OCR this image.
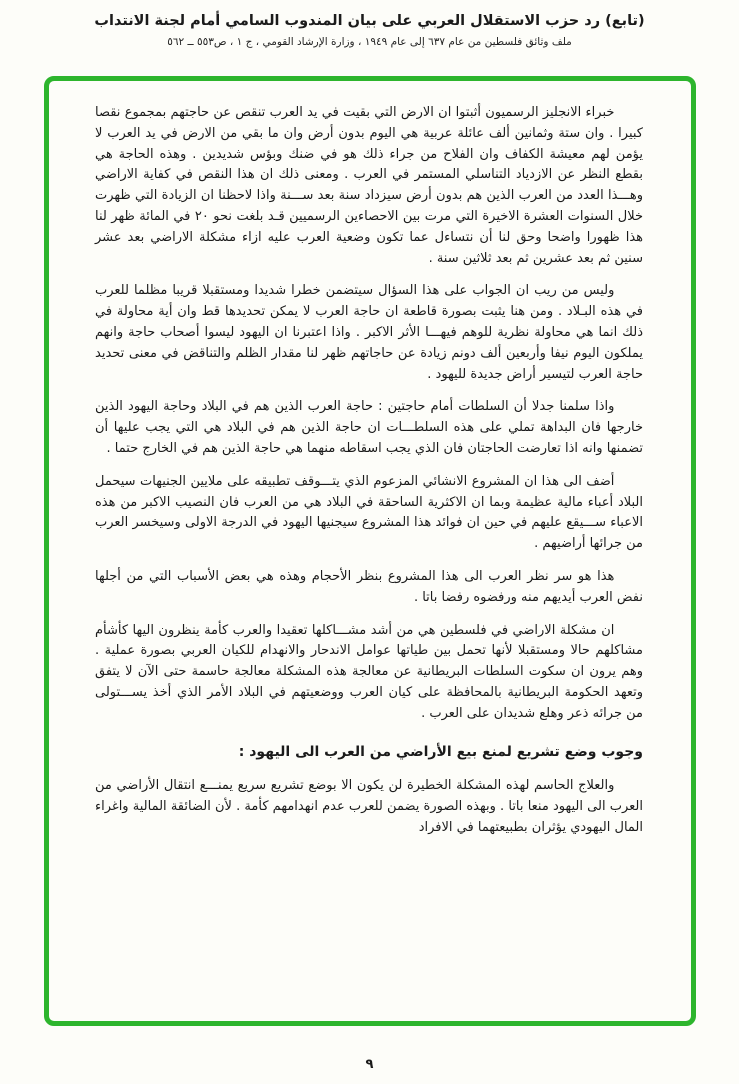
(تابع) رد حزب الاستقلال العربي على بيان المندوب السامي أمام لجنة الانتداب
ملف وثائق فلسطين من عام ٦٣٧ إلى عام ١٩٤٩ ، وزارة الإرشاد القومي ، ج ١ ، ص٥٥٣ ــ ٥٦٢

خبراء الانجليز الرسميون أثبتوا ان الارض التي بقيت في يد العرب تنقص عن حاجتهم بمجموع نقصا كبيرا . وان ستة وثمانين ألف عائلة عربية هي اليوم بدون أرض وان ما بقي من الارض في يد العرب لا يؤمن لهم معيشة الكفاف وان الفلاح من جراء ذلك هو في ضنك وبؤس شديدين . وهذه الحاجة هي بقطع النظر عن الازدياد التناسلي المستمر في العرب . ومعنى ذلك ان هذا النقص في كفاية الاراضي وهـــذا العدد من العرب الذين هم بدون أرض سيزداد سنة بعد ســـنة واذا لاحظنا ان الزيادة التي ظهرت خلال السنوات العشرة الاخيرة التي مرت بين الاحصاءين الرسميين قـد بلغت نحو ٢٠ في المائة ظهر لنا هذا ظهورا واضحا وحق لنا أن نتساءل عما تكون وضعية العرب عليه ازاء مشكلة الاراضي بعد عشر سنين ثم بعد عشرين ثم بعد ثلاثين سنة .

وليس من ريب ان الجواب على هذا السؤال سيتضمن خطرا شديدا ومستقبلا قريبا مظلما للعرب في هذه البـلاد . ومن هنا يثبت بصورة قاطعة ان حاجة العرب لا يمكن تحديدها قط وان أية محاولة في ذلك انما هي محاولة نظرية للوهم فيهـــا الأثر الاكبر . واذا اعتبرنا ان اليهود ليسوا أصحاب حاجة وانهم يملكون اليوم نيفا وأربعين ألف دونم زيادة عن حاجاتهم ظهر لنا مقدار الظلم والتناقض في معنى تحديد حاجة العرب لتيسير أراض جديدة لليهود .

واذا سلمنا جدلا أن السلطات أمام حاجتين : حاجة العرب الذين هم في البلاد وحاجة اليهود الذين خارجها فان البداهة تملي على هذه السلطـــات ان حاجة الذين هم في البلاد هي التي يجب عليها أن تضمنها وانه اذا تعارضت الحاجتان فان الذي يجب اسقاطه منهما هي حاجة الذين هم في الخارج حتما .

أضف الى هذا ان المشروع الانشائي المزعوم الذي يتـــوقف تطبيقه على ملايين الجنيهات سيحمل البلاد أعباء مالية عظيمة وبما ان الاكثرية الساحقة في البلاد هي من العرب فان النصيب الاكبر من هذه الاعباء ســـيقع عليهم في حين ان فوائد هذا المشروع سيجنيها اليهود في الدرجة الاولى وسيخسر العرب من جرائها أراضيهم .

هذا هو سر نظر العرب الى هذا المشروع بنظر الأحجام وهذه هي بعض الأسباب التي من أجلها نفض العرب أيديهم منه ورفضوه رفضا باتا .

ان مشكلة الاراضي في فلسطين هي من أشد مشـــاكلها تعقيدا والعرب كأمة ينظرون اليها كأشأم مشاكلهم حالا ومستقبلا لأنها تحمل بين طياتها عوامل الاندحار والانهدام للكيان العربي بصورة عملية . وهم يرون ان سكوت السلطات البريطانية عن معالجة هذه المشكلة معالجة حاسمة حتى الآن لا يتفق وتعهد الحكومة البريطانية بالمحافظة على كيان العرب ووضعيتهم في البلاد الأمر الذي أخذ يســـتولى من جرائه ذعر وهلع شديدان على العرب .

وجوب وضع تشريع لمنع بيع الأراضي من العرب الى اليهود :

والعلاج الحاسم لهذه المشكلة الخطيرة لن يكون الا بوضع تشريع سريع يمنـــع انتقال الأراضي من العرب الى اليهود منعا باتا . وبهذه الصورة يضمن للعرب عدم انهدامهم كأمة . لأن الضائقة المالية واغراء المال اليهودي يؤثران بطبيعتهما في الافراد

٩
